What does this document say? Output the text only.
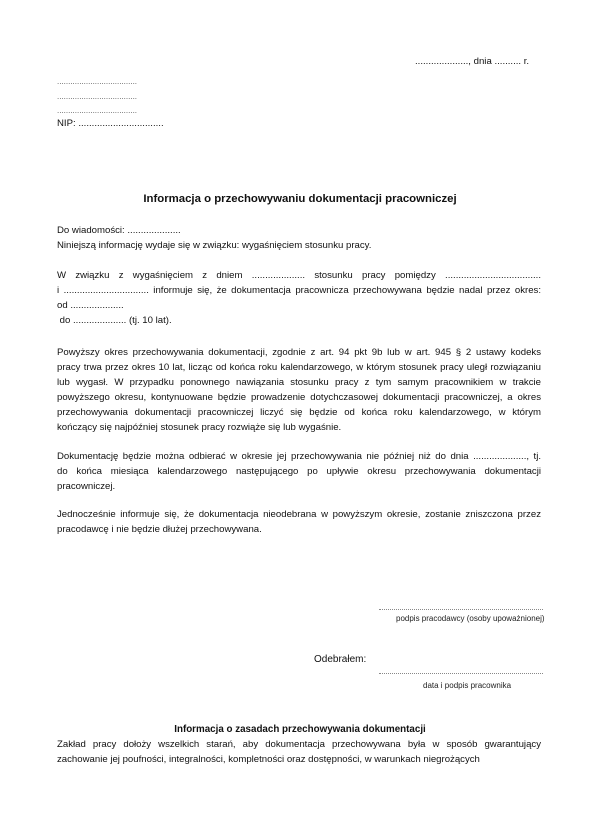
...................., dnia .......... r.
....................................
....................................
....................................
NIP: ................................
Informacja o przechowywaniu dokumentacji pracowniczej
Do wiadomości: ....................
Niniejszą informację wydaje się w związku: wygaśnięciem stosunku pracy.
W związku z wygaśnięciem z dniem .................... stosunku pracy pomiędzy ....................................
i ................................ informuje się, że dokumentacja pracownicza przechowywana będzie nadal przez okres:
od ....................
do .................... (tj. 10 lat).
Powyższy okres przechowywania dokumentacji, zgodnie z art. 94 pkt 9b lub w art. 945 § 2 ustawy kodeks
pracy trwa przez okres 10 lat, licząc od końca roku kalendarzowego, w którym stosunek pracy uległ rozwiązaniu
lub wygasł. W przypadku ponownego nawiązania stosunku pracy z tym samym pracownikiem w trakcie
powyższego okresu, kontynuowane będzie prowadzenie dotychczasowej dokumentacji pracowniczej, a okres
przechowywania dokumentacji pracowniczej liczyć się będzie od końca roku kalendarzowego, w którym
kończący się najpóźniej stosunek pracy rozwiąże się lub wygaśnie.
Dokumentację będzie można odbierać w okresie jej przechowywania nie później niż do dnia ...................., tj.
do końca miesiąca kalendarzowego następującego po upływie okresu przechowywania dokumentacji
pracowniczej.
Jednocześnie informuje się, że dokumentacja nieodebrana w powyższym okresie, zostanie zniszczona przez
pracodawcę i nie będzie dłużej przechowywana.
podpis pracodawcy (osoby upoważnionej)
Odebrałem:
data i podpis pracownika
Informacja o zasadach przechowywania dokumentacji
Zakład pracy dołoży wszelkich starań, aby dokumentacja przechowywana była w sposób gwarantujący
zachowanie jej poufności, integralności, kompletności oraz dostępności, w warunkach niegrożących
